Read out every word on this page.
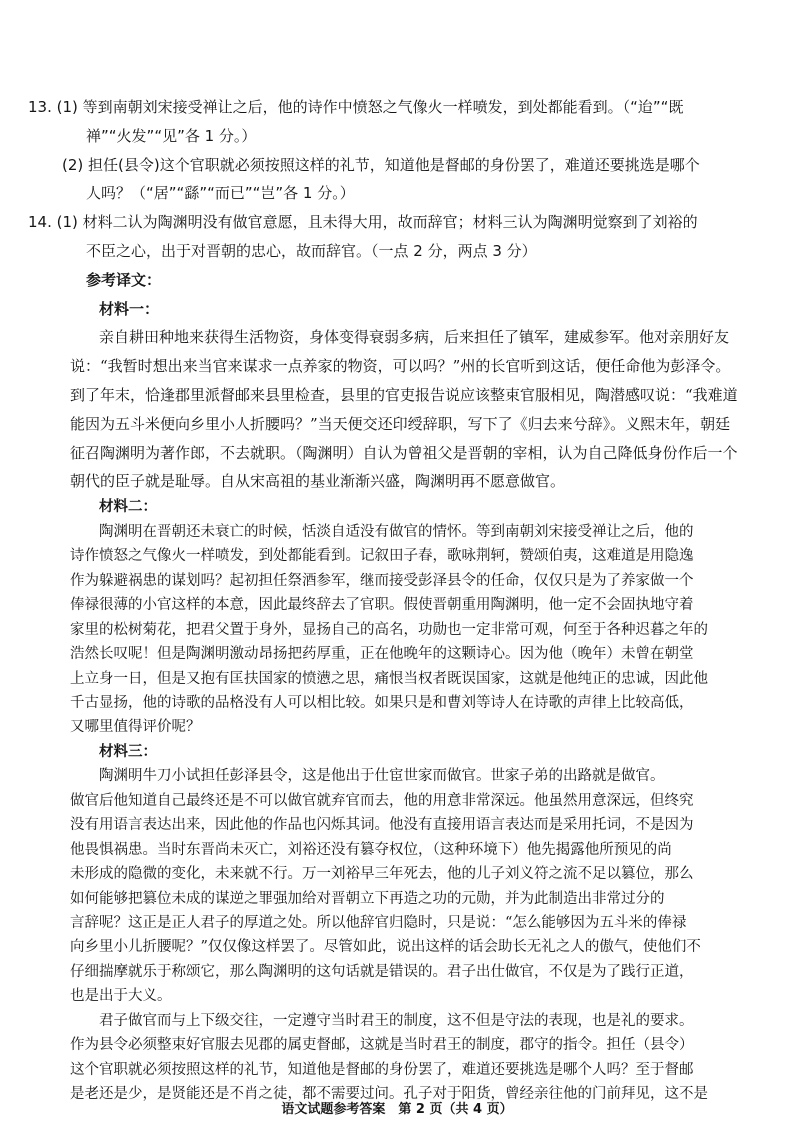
13. (1) 等到南朝刘宋接受禅让之后，他的诗作中愤怒之气像火一样喷发，到处都能看到。（“迨”“既
禅”“火发”“见”各 1 分。）
(2) 担任(县令)这个官职就必须按照这样的礼节，知道他是督邮的身份罢了，难道还要挑选是哪个
人吗？（“居”“繇”“而已”“岂”各 1 分。）
14. (1) 材料二认为陶渊明没有做官意愿，且未得大用，故而辞官；材料三认为陶渊明觉察到了刘裕的
不臣之心，出于对晋朝的忠心，故而辞官。（一点 2 分，两点 3 分）
参考译文：
材料一：
亲自耕田种地来获得生活物资，身体变得衰弱多病，后来担任了镇军，建威参军。他对亲朋好友
说：“我暂时想出来当官来谋求一点养家的物资，可以吗？”州的长官听到这话，便任命他为彭泽令。
到了年末，恰逢郡里派督邮来县里检查，县里的官吏报告说应该整束官服相见，陶潜感叹说：“我难道
能因为五斗米便向乡里小人折腰吗？”当天便交还印绶辞职，写下了《归去来兮辞》。义熙末年，朝廷
征召陶渊明为著作郎，不去就职。（陶渊明）自认为曾祖父是晋朝的宰相，认为自己降低身份作后一个
朝代的臣子就是耻辱。自从宋高祖的基业渐渐兴盛，陶渊明再不愿意做官。
材料二：
陶渊明在晋朝还未衰亡的时候，恬淡自适没有做官的情怀。等到南朝刘宋接受禅让之后，他的
诗作愤怒之气像火一样喷发，到处都能看到。记叙田子春，歌咏荆轲，赞颂伯夷，这难道是用隐逸
作为躲避祸患的谋划吗？起初担任祭酒参军，继而接受彭泽县令的任命，仅仅只是为了养家做一个
俸禄很薄的小官这样的本意，因此最终辞去了官职。假使晋朝重用陶渊明，他一定不会固执地守着
家里的松树菊花，把君父置于身外，显扬自己的高名，功勋也一定非常可观，何至于各种迟暮之年的
浩然长叹呢！但是陶渊明激动昂扬把药厚重，正在他晚年的这颗诗心。因为他（晚年）未曾在朝堂
上立身一日，但是又抱有匡扶国家的愤懑之思，痛恨当权者既误国家，这就是他纯正的忠诚，因此他
千古显扬，他的诗歌的品格没有人可以相比较。如果只是和曹刘等诗人在诗歌的声律上比较高低，
又哪里值得评价呢？
材料三：
陶渊明牛刀小试担任彭泽县令，这是他出于仕宦世家而做官。世家子弟的出路就是做官。
做官后他知道自己最终还是不可以做官就弃官而去，他的用意非常深远。他虽然用意深远，但终究
没有用语言表达出来，因此他的作品也闪烁其词。他没有直接用语言表达而是采用托词，不是因为
他畏惧祸患。当时东晋尚未灭亡，刘裕还没有篡夺权位，（这种环境下）他先揭露他所预见的尚
未形成的隐微的变化，未来就不行。万一刘裕早三年死去，他的儿子刘义符之流不足以篡位，那么
如何能够把篡位未成的谋逆之罪强加给对晋朝立下再造之功的元勋，并为此制造出非常过分的
言辞呢？这正是正人君子的厚道之处。所以他辞官归隐时，只是说：“怎么能够因为五斗米的俸禄
向乡里小儿折腰呢？”仅仅像这样罢了。尽管如此，说出这样的话会助长无礼之人的傲气，使他们不
仔细揣摩就乐于称颂它，那么陶渊明的这句话就是错误的。君子出仕做官，不仅是为了践行正道，
也是出于大义。
君子做官而与上下级交往，一定遵守当时君王的制度，这不但是守法的表现，也是礼的要求。
语文试题参考答案　第 2 页（共 4 页）
作为县令必须整束好官服去见郡的属吏督邮，这就是当时君王的制度，郡守的指令。担任（县令）
这个官职就必须按照这样的礼节，知道他是督邮的身份罢了，难道还要挑选是哪个人吗？至于督邮
是老还是少，是贤能还是不肖之徒，都不需要过问。孔子对于阳货，曾经亲往他的门前拜见，这不是
